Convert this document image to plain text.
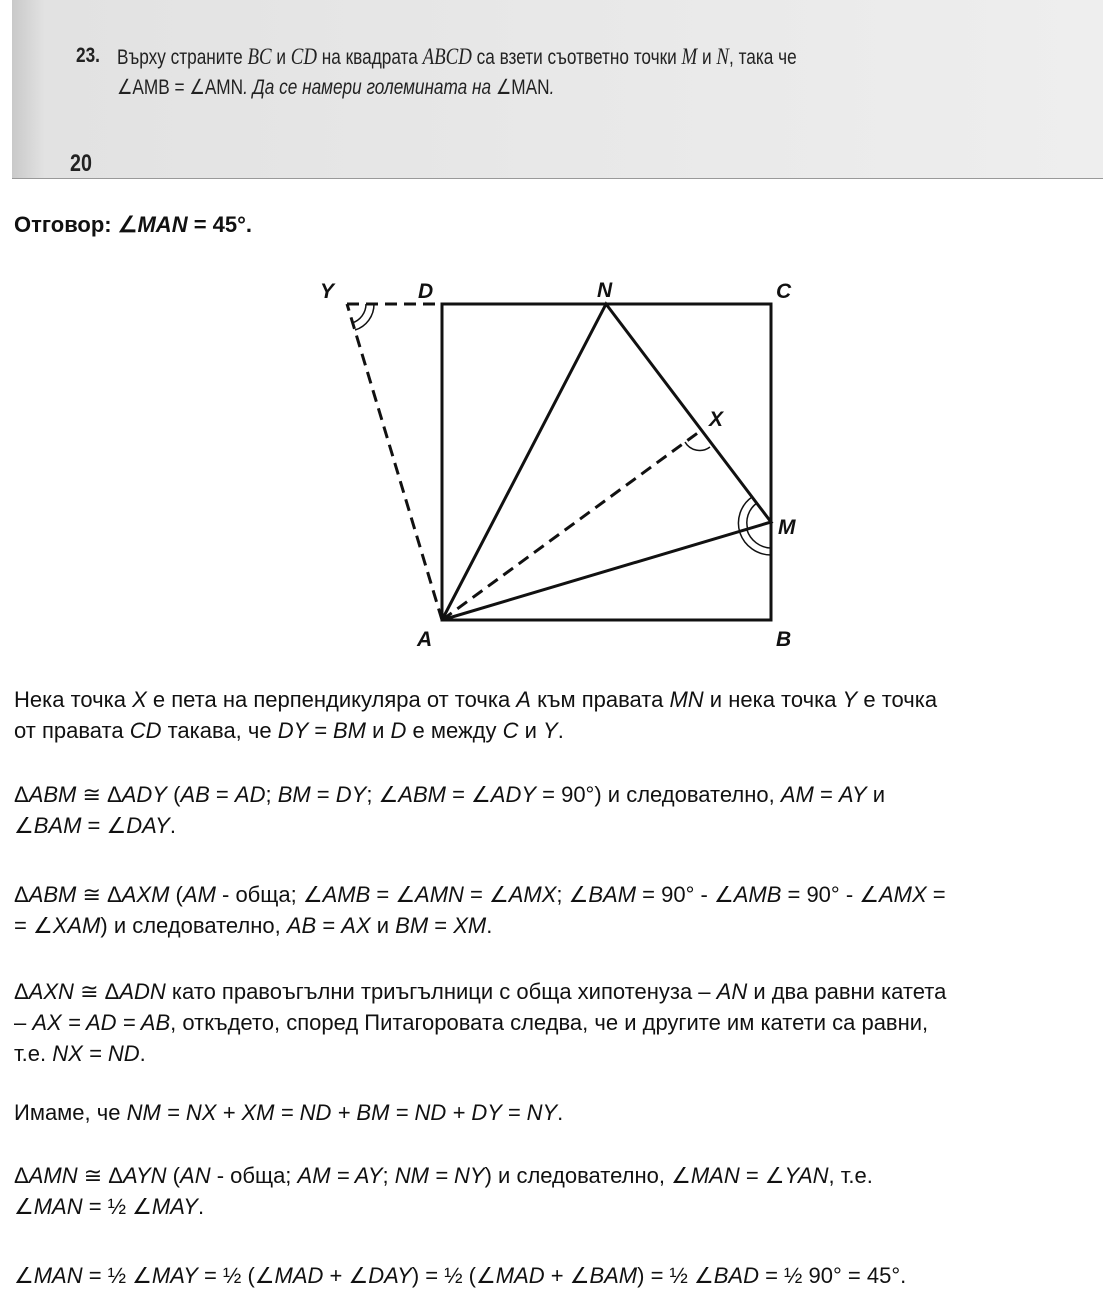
23. Върху страните BC и CD на квадрата ABCD са взети съответно точки M и N, така че
∠AMB = ∠AMN. Да се намери големината на ∠MAN.
20
Отговор: ∠MAN = 45°.
Y	D	N	C
X
M
A	B
Нека точка X е пета на перпендикуляра от точка A към правата MN и нека точка Y е точка
от правата CD такава, че DY = BM и D е между C и Y.
ΔABM ≅ ΔADY (AB = AD; BM = DY; ∠ABM = ∠ADY = 90°) и следователно, AM = AY и
∠BAM = ∠DAY.
ΔABM ≅ ΔAXM (AM - обща; ∠AMB = ∠AMN = ∠AMX; ∠BAM = 90° - ∠AMB = 90° - ∠AMX =
= ∠XAM) и следователно, AB = AX и BM = XM.
ΔAXN ≅ ΔADN като правоъгълни триъгълници с обща хипотенуза – AN и два равни катета
– AX = AD = AB, откъдето, според Питагоровата следва, че и другите им катети са равни,
т.е. NX = ND.
Имаме, че NM = NX + XM = ND + BM = ND + DY = NY.
ΔAMN ≅ ΔAYN (AN - обща; AM = AY; NM = NY) и следователно, ∠MAN = ∠YAN, т.е.
∠MAN = ½ ∠MAY.
∠MAN = ½ ∠MAY = ½ (∠MAD + ∠DAY) = ½ (∠MAD + ∠BAM) = ½ ∠BAD = ½ 90° = 45°.
